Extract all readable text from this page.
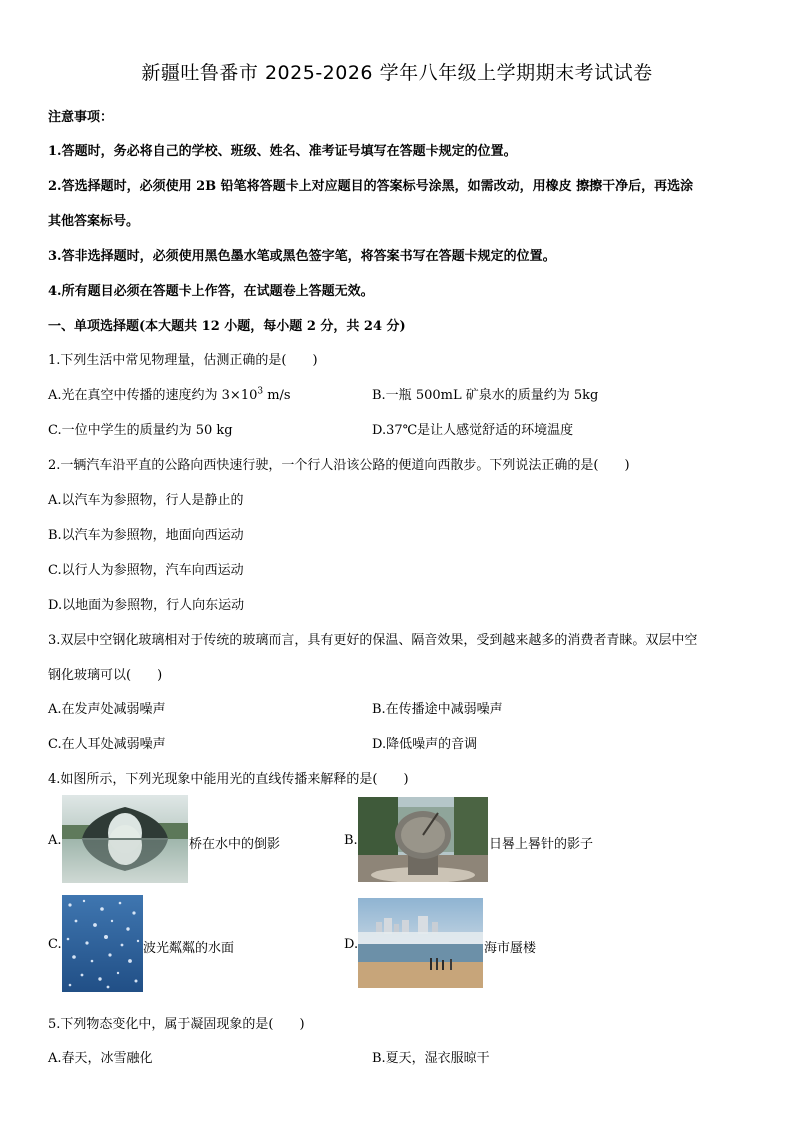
新疆吐鲁番市 2025-2026 学年八年级上学期期末考试试卷
注意事项：
1.答题时，务必将自己的学校、班级、姓名、准考证号填写在答题卡规定的位置。
2.答选择题时，必须使用 2B 铅笔将答题卡上对应题目的答案标号涂黑，如需改动，用橡皮 擦擦干净后，再选涂
其他答案标号。
3.答非选择题时，必须使用黑色墨水笔或黑色签字笔，将答案书写在答题卡规定的位置。
4.所有题目必须在答题卡上作答，在试题卷上答题无效。
一、单项选择题(本大题共 12 小题，每小题 2 分，共 24 分)
1.下列生活中常见物理量，估测正确的是(　　)
A.光在真空中传播的速度约为 $3\times 10^3$ m/s	B.一瓶 500mL 矿泉水的质量约为 5kg
C.一位中学生的质量约为 50 kg	D.37℃是让人感觉舒适的环境温度
2.一辆汽车沿平直的公路向西快速行驶，一个行人沿该公路的便道向西散步。下列说法正确的是(　　)
A.以汽车为参照物，行人是静止的
B.以汽车为参照物，地面向西运动
C.以行人为参照物，汽车向西运动
D.以地面为参照物，行人向东运动
3.双层中空钢化玻璃相对于传统的玻璃而言，具有更好的保温、隔音效果，受到越来越多的消费者青睐。双层中空
钢化玻璃可以(　　)
A.在发声处减弱噪声	B.在传播途中减弱噪声
C.在人耳处减弱噪声	D.降低噪声的音调
4.如图所示，下列光现象中能用光的直线传播来解释的是(　　)
A.	桥在水中的倒影	B.	日晷上晷针的影子
C.	波光粼粼的水面	D.	海市蜃楼
5.下列物态变化中，属于凝固现象的是(　　)
A.春天，冰雪融化	B.夏天，湿衣服晾干
